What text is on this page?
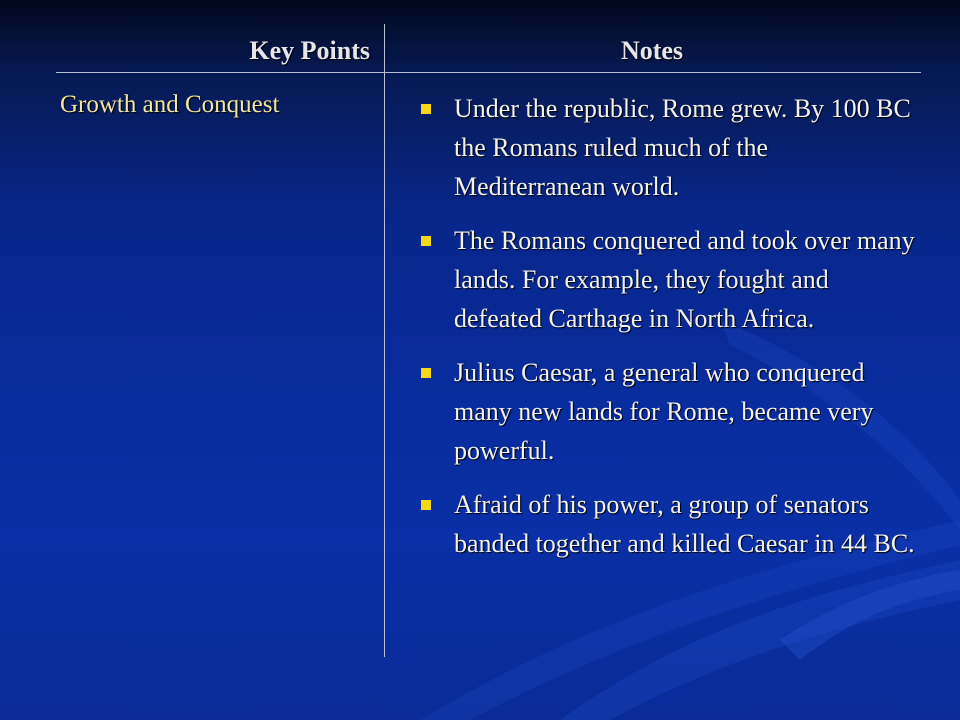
Key Points	Notes
Growth and Conquest	Under the republic, Rome grew. By 100 BC the Romans ruled much of the Mediterranean world.
The Romans conquered and took over many lands. For example, they fought and defeated Carthage in North Africa.
Julius Caesar, a general who conquered many new lands for Rome, became very powerful.
Afraid of his power, a group of senators banded together and killed Caesar in 44 BC.
